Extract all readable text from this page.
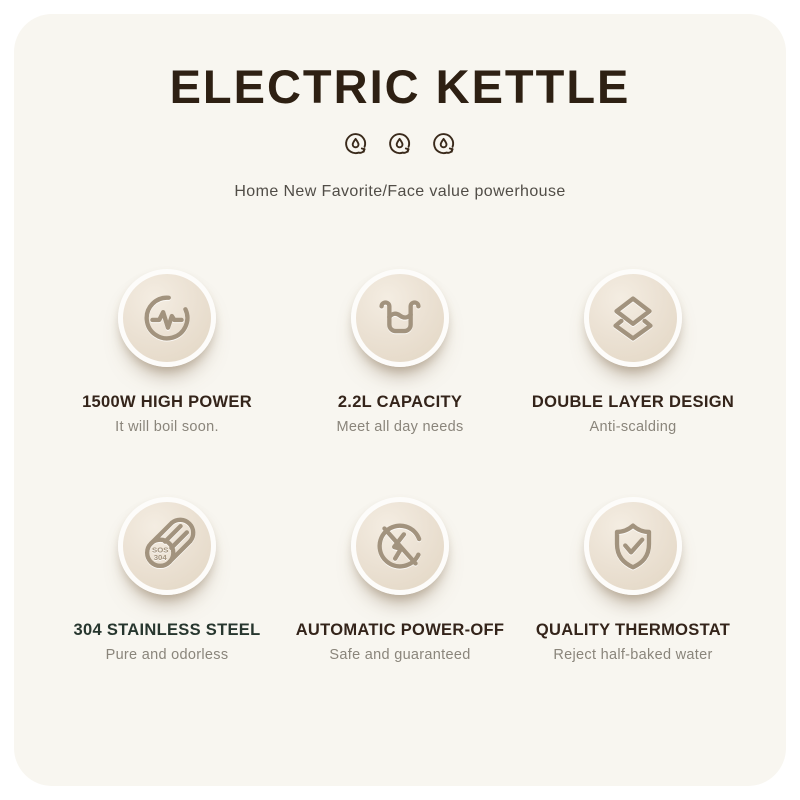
ELECTRIC KETTLE

Home New Favorite/Face value powerhouse

1500W HIGH POWER
It will boil soon.
2.2L CAPACITY
Meet all day needs
DOUBLE LAYER DESIGN
Anti-scalding
SOS
304
304 STAINLESS STEEL
Pure and odorless
AUTOMATIC POWER-OFF
Safe and guaranteed
QUALITY THERMOSTAT
Reject half-baked water
